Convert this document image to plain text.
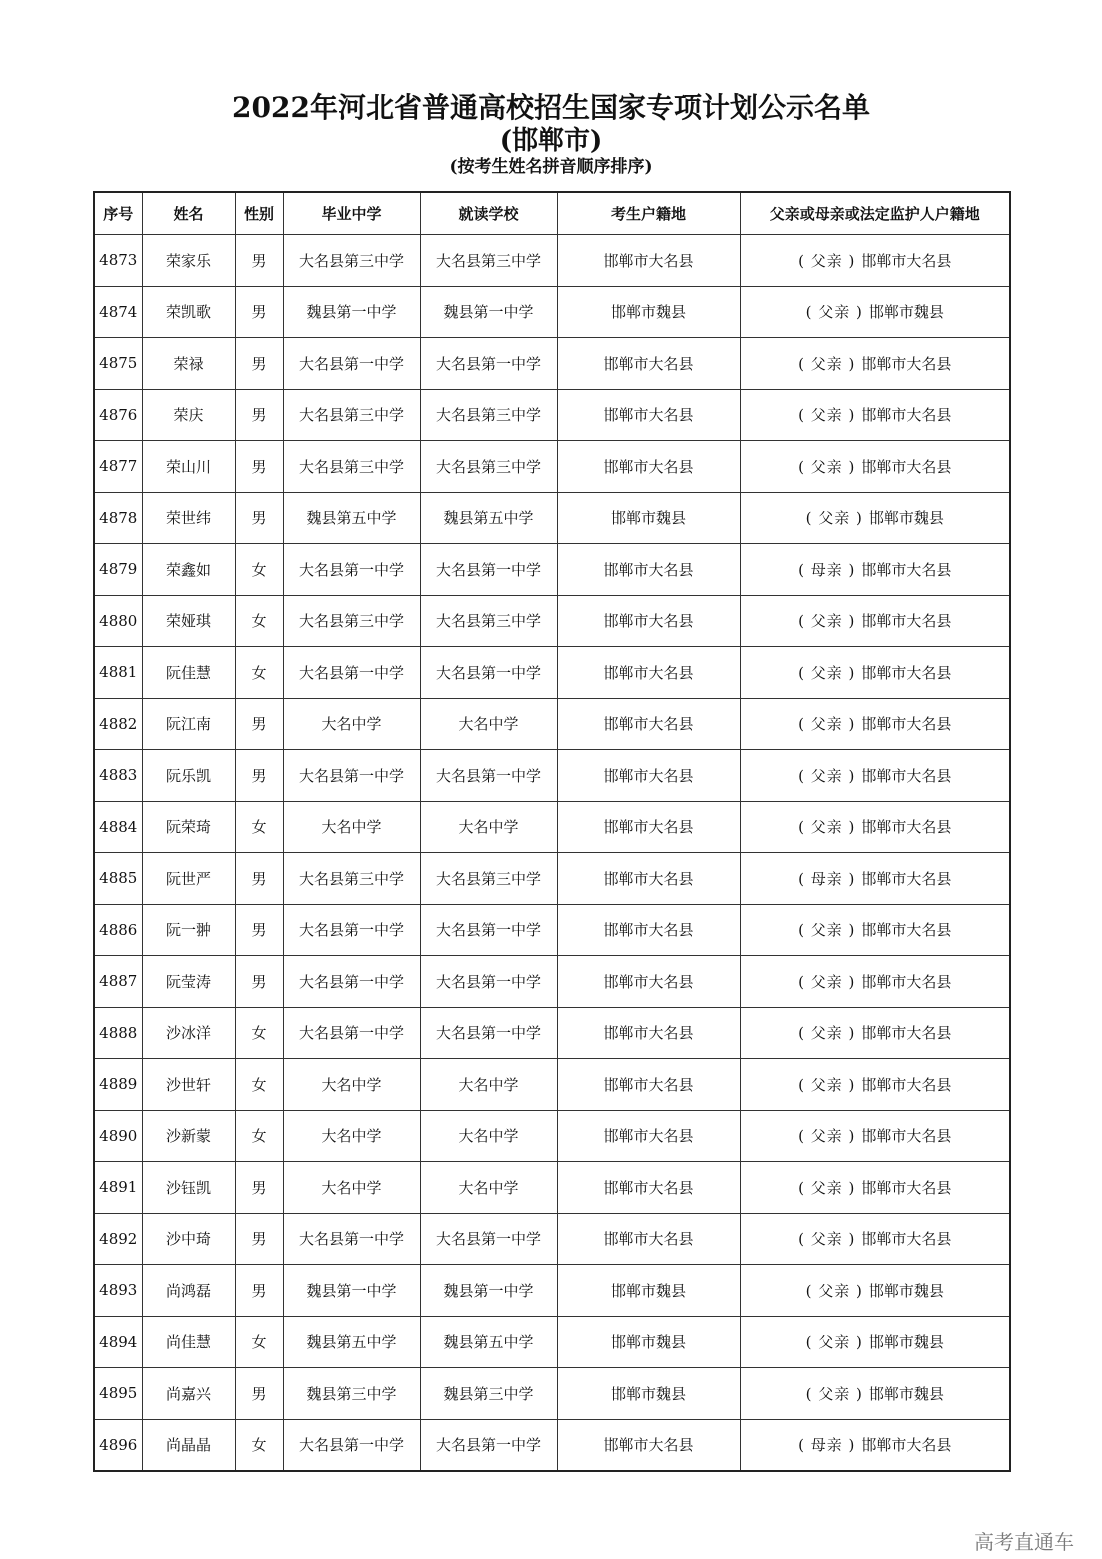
2022年河北省普通高校招生国家专项计划公示名单
(邯郸市)
(按考生姓名拼音顺序排序)
序号	姓名	性别	毕业中学	就读学校	考生户籍地	父亲或母亲或法定监护人户籍地
4873	荣家乐	男	大名县第三中学	大名县第三中学	邯郸市大名县	( 父亲 ) 邯郸市大名县
4874	荣凯歌	男	魏县第一中学	魏县第一中学	邯郸市魏县	( 父亲 ) 邯郸市魏县
4875	荣禄	男	大名县第一中学	大名县第一中学	邯郸市大名县	( 父亲 ) 邯郸市大名县
4876	荣庆	男	大名县第三中学	大名县第三中学	邯郸市大名县	( 父亲 ) 邯郸市大名县
4877	荣山川	男	大名县第三中学	大名县第三中学	邯郸市大名县	( 父亲 ) 邯郸市大名县
4878	荣世纬	男	魏县第五中学	魏县第五中学	邯郸市魏县	( 父亲 ) 邯郸市魏县
4879	荣鑫如	女	大名县第一中学	大名县第一中学	邯郸市大名县	( 母亲 ) 邯郸市大名县
4880	荣娅琪	女	大名县第三中学	大名县第三中学	邯郸市大名县	( 父亲 ) 邯郸市大名县
4881	阮佳慧	女	大名县第一中学	大名县第一中学	邯郸市大名县	( 父亲 ) 邯郸市大名县
4882	阮江南	男	大名中学	大名中学	邯郸市大名县	( 父亲 ) 邯郸市大名县
4883	阮乐凯	男	大名县第一中学	大名县第一中学	邯郸市大名县	( 父亲 ) 邯郸市大名县
4884	阮荣琦	女	大名中学	大名中学	邯郸市大名县	( 父亲 ) 邯郸市大名县
4885	阮世严	男	大名县第三中学	大名县第三中学	邯郸市大名县	( 母亲 ) 邯郸市大名县
4886	阮一翀	男	大名县第一中学	大名县第一中学	邯郸市大名县	( 父亲 ) 邯郸市大名县
4887	阮莹涛	男	大名县第一中学	大名县第一中学	邯郸市大名县	( 父亲 ) 邯郸市大名县
4888	沙冰洋	女	大名县第一中学	大名县第一中学	邯郸市大名县	( 父亲 ) 邯郸市大名县
4889	沙世轩	女	大名中学	大名中学	邯郸市大名县	( 父亲 ) 邯郸市大名县
4890	沙新蒙	女	大名中学	大名中学	邯郸市大名县	( 父亲 ) 邯郸市大名县
4891	沙钰凯	男	大名中学	大名中学	邯郸市大名县	( 父亲 ) 邯郸市大名县
4892	沙中琦	男	大名县第一中学	大名县第一中学	邯郸市大名县	( 父亲 ) 邯郸市大名县
4893	尚鸿磊	男	魏县第一中学	魏县第一中学	邯郸市魏县	( 父亲 ) 邯郸市魏县
4894	尚佳慧	女	魏县第五中学	魏县第五中学	邯郸市魏县	( 父亲 ) 邯郸市魏县
4895	尚嘉兴	男	魏县第三中学	魏县第三中学	邯郸市魏县	( 父亲 ) 邯郸市魏县
4896	尚晶晶	女	大名县第一中学	大名县第一中学	邯郸市大名县	( 母亲 ) 邯郸市大名县
高考直通车
